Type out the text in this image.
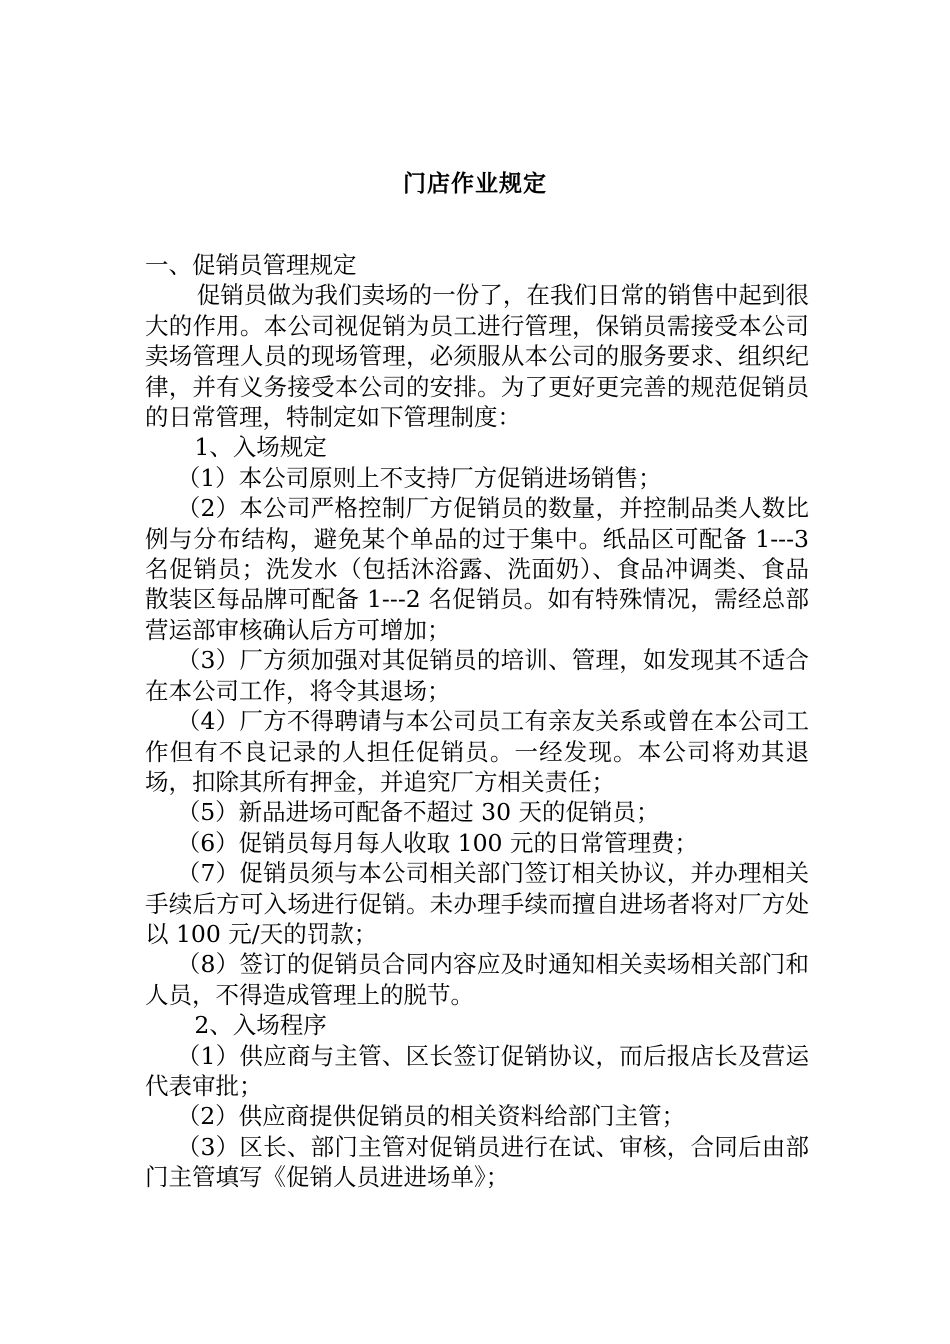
门店作业规定

一、促销员管理规定

促销员做为我们卖场的一份了，在我们日常的销售中起到很大的作用。本公司视促销为员工进行管理，保销员需接受本公司卖场管理人员的现场管理，必须服从本公司的服务要求、组织纪律，并有义务接受本公司的安排。为了更好更完善的规范促销员的日常管理，特制定如下管理制度：

1、入场规定

（1）本公司原则上不支持厂方促销进场销售；

（2）本公司严格控制厂方促销员的数量，并控制品类人数比例与分布结构，避免某个单品的过于集中。纸品区可配备 1---3 名促销员；洗发水（包括沐浴露、洗面奶）、食品冲调类、食品散装区每品牌可配备 1---2 名促销员。如有特殊情况，需经总部营运部审核确认后方可增加；

（3）厂方须加强对其促销员的培训、管理，如发现其不适合在本公司工作，将令其退场；

（4）厂方不得聘请与本公司员工有亲友关系或曾在本公司工作但有不良记录的人担任促销员。一经发现。本公司将劝其退场，扣除其所有押金，并追究厂方相关责任；

（5）新品进场可配备不超过 30 天的促销员；

（6）促销员每月每人收取 100 元的日常管理费；

（7）促销员须与本公司相关部门签订相关协议，并办理相关手续后方可入场进行促销。未办理手续而擅自进场者将对厂方处以 100 元/天的罚款；

（8）签订的促销员合同内容应及时通知相关卖场相关部门和人员，不得造成管理上的脱节。

2、入场程序

（1）供应商与主管、区长签订促销协议，而后报店长及营运代表审批；

（2）供应商提供促销员的相关资料给部门主管；

（3）区长、部门主管对促销员进行在试、审核，合同后由部门主管填写《促销人员进进场单》；
